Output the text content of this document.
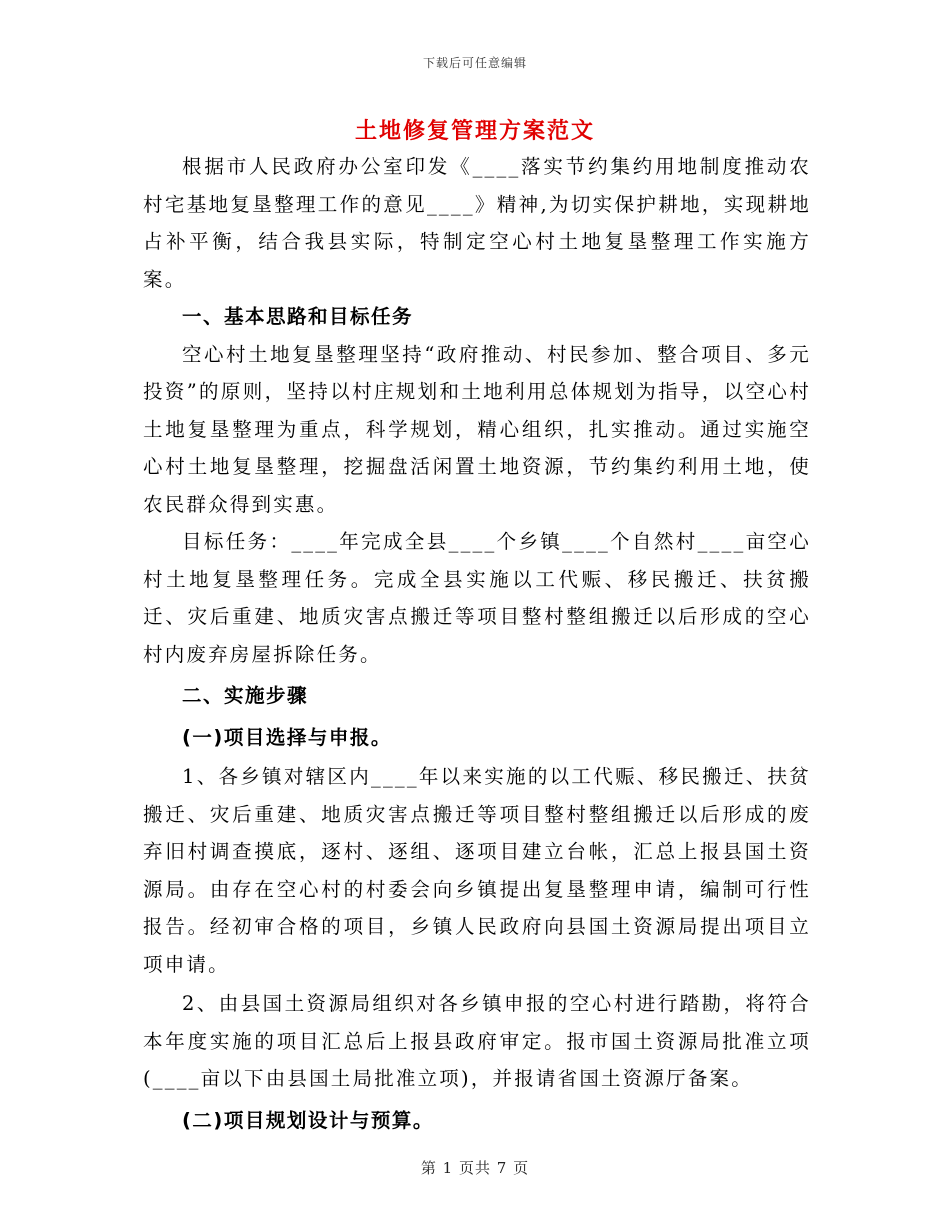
下载后可任意编辑
土地修复管理方案范文

根据市人民政府办公室印发《____落实节约集约用地制度推动农村宅基地复垦整理工作的意见____》精神,为切实保护耕地，实现耕地占补平衡，结合我县实际，特制定空心村土地复垦整理工作实施方案。

一、基本思路和目标任务

空心村土地复垦整理坚持“政府推动、村民参加、整合项目、多元投资”的原则，坚持以村庄规划和土地利用总体规划为指导，以空心村土地复垦整理为重点，科学规划，精心组织，扎实推动。通过实施空心村土地复垦整理，挖掘盘活闲置土地资源，节约集约利用土地，使农民群众得到实惠。

目标任务：____年完成全县____个乡镇____个自然村____亩空心村土地复垦整理任务。完成全县实施以工代赈、移民搬迁、扶贫搬迁、灾后重建、地质灾害点搬迁等项目整村整组搬迁以后形成的空心村内废弃房屋拆除任务。

二、实施步骤

(一)项目选择与申报。

1、各乡镇对辖区内____年以来实施的以工代赈、移民搬迁、扶贫搬迁、灾后重建、地质灾害点搬迁等项目整村整组搬迁以后形成的废弃旧村调查摸底，逐村、逐组、逐项目建立台帐，汇总上报县国土资源局。由存在空心村的村委会向乡镇提出复垦整理申请，编制可行性报告。经初审合格的项目，乡镇人民政府向县国土资源局提出项目立项申请。

2、由县国土资源局组织对各乡镇申报的空心村进行踏勘，将符合本年度实施的项目汇总后上报县政府审定。报市国土资源局批准立项(____亩以下由县国土局批准立项)，并报请省国土资源厅备案。

(二)项目规划设计与预算。

第 1 页共 7 页
